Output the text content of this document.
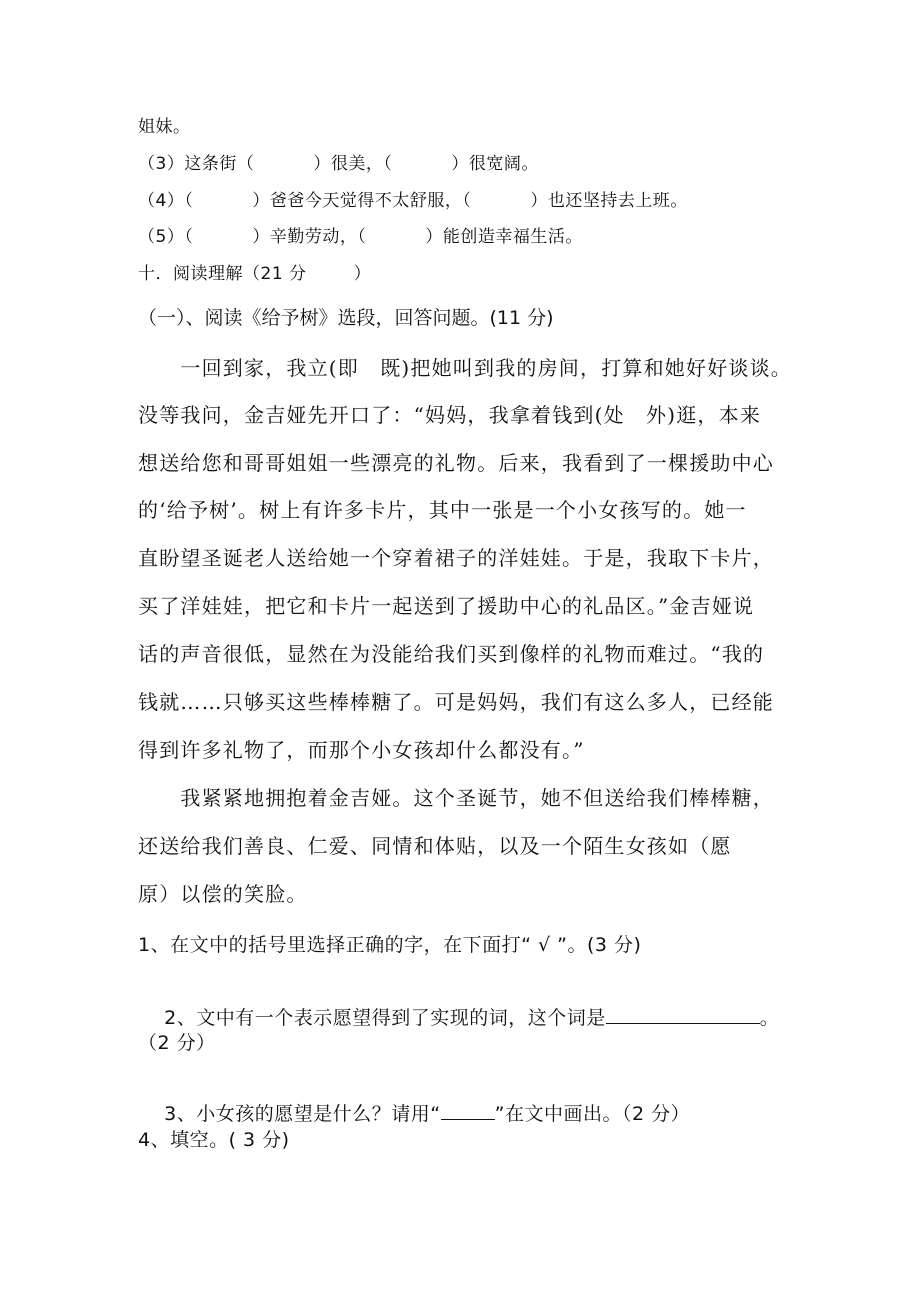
姐妹。
（3）这条街（          ）很美，（          ）很宽阔。
（4）（          ）爸爸今天觉得不太舒服，（          ）也还坚持去上班。
（5）（          ）辛勤劳动，（          ）能创造幸福生活。
十．阅读理解（21 分        ）
（一）、阅读《给予树》选段，回答问题。(11 分)
　　一回到家，我立(即　既)把她叫到我的房间，打算和她好好谈谈。
没等我问，金吉娅先开口了：“妈妈，我拿着钱到(处　外)逛，本来
想送给您和哥哥姐姐一些漂亮的礼物。后来，我看到了一棵援助中心
的‘给予树’。树上有许多卡片，其中一张是一个小女孩写的。她一
直盼望圣诞老人送给她一个穿着裙子的洋娃娃。于是，我取下卡片，
买了洋娃娃，把它和卡片一起送到了援助中心的礼品区。”金吉娅说
话的声音很低，显然在为没能给我们买到像样的礼物而难过。“我的
钱就……只够买这些棒棒糖了。可是妈妈，我们有这么多人，已经能
得到许多礼物了，而那个小女孩却什么都没有。”
　　我紧紧地拥抱着金吉娅。这个圣诞节，她不但送给我们棒棒糖，
还送给我们善良、仁爱、同情和体贴，以及一个陌生女孩如（愿
原）以偿的笑脸。
1、在文中的括号里选择正确的字，在下面打“ √ ”。(3 分)

2、文中有一个表示愿望得到了实现的词，这个词是	。

（2 分）

3、小女孩的愿望是什么？请用“	”在文中画出。（2 分）

4、填空。( 3 分)
